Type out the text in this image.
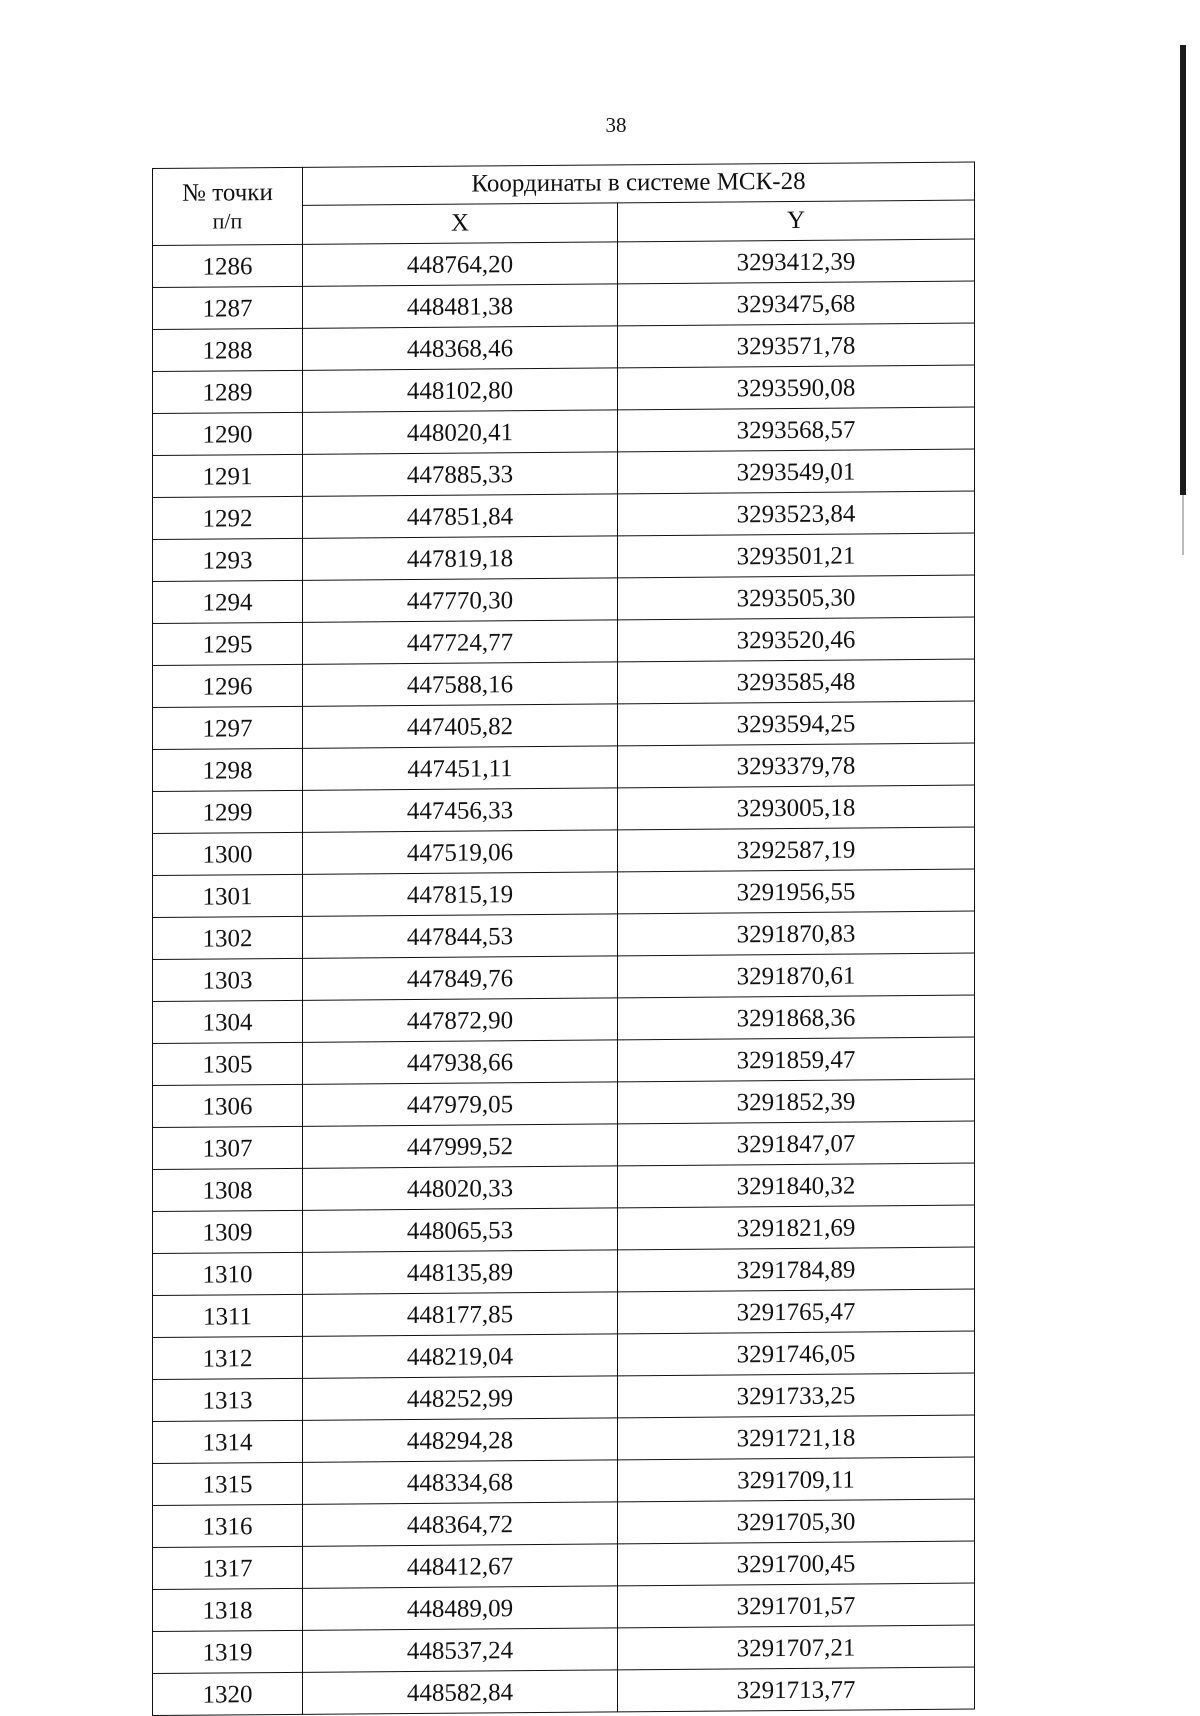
38
№ точки
п/п	Координаты в системе МСК-28	
	X	Y
1286	448764,20	3293412,39
1287	448481,38	3293475,68
1288	448368,46	3293571,78
1289	448102,80	3293590,08
1290	448020,41	3293568,57
1291	447885,33	3293549,01
1292	447851,84	3293523,84
1293	447819,18	3293501,21
1294	447770,30	3293505,30
1295	447724,77	3293520,46
1296	447588,16	3293585,48
1297	447405,82	3293594,25
1298	447451,11	3293379,78
1299	447456,33	3293005,18
1300	447519,06	3292587,19
1301	447815,19	3291956,55
1302	447844,53	3291870,83
1303	447849,76	3291870,61
1304	447872,90	3291868,36
1305	447938,66	3291859,47
1306	447979,05	3291852,39
1307	447999,52	3291847,07
1308	448020,33	3291840,32
1309	448065,53	3291821,69
1310	448135,89	3291784,89
1311	448177,85	3291765,47
1312	448219,04	3291746,05
1313	448252,99	3291733,25
1314	448294,28	3291721,18
1315	448334,68	3291709,11
1316	448364,72	3291705,30
1317	448412,67	3291700,45
1318	448489,09	3291701,57
1319	448537,24	3291707,21
1320	448582,84	3291713,77
